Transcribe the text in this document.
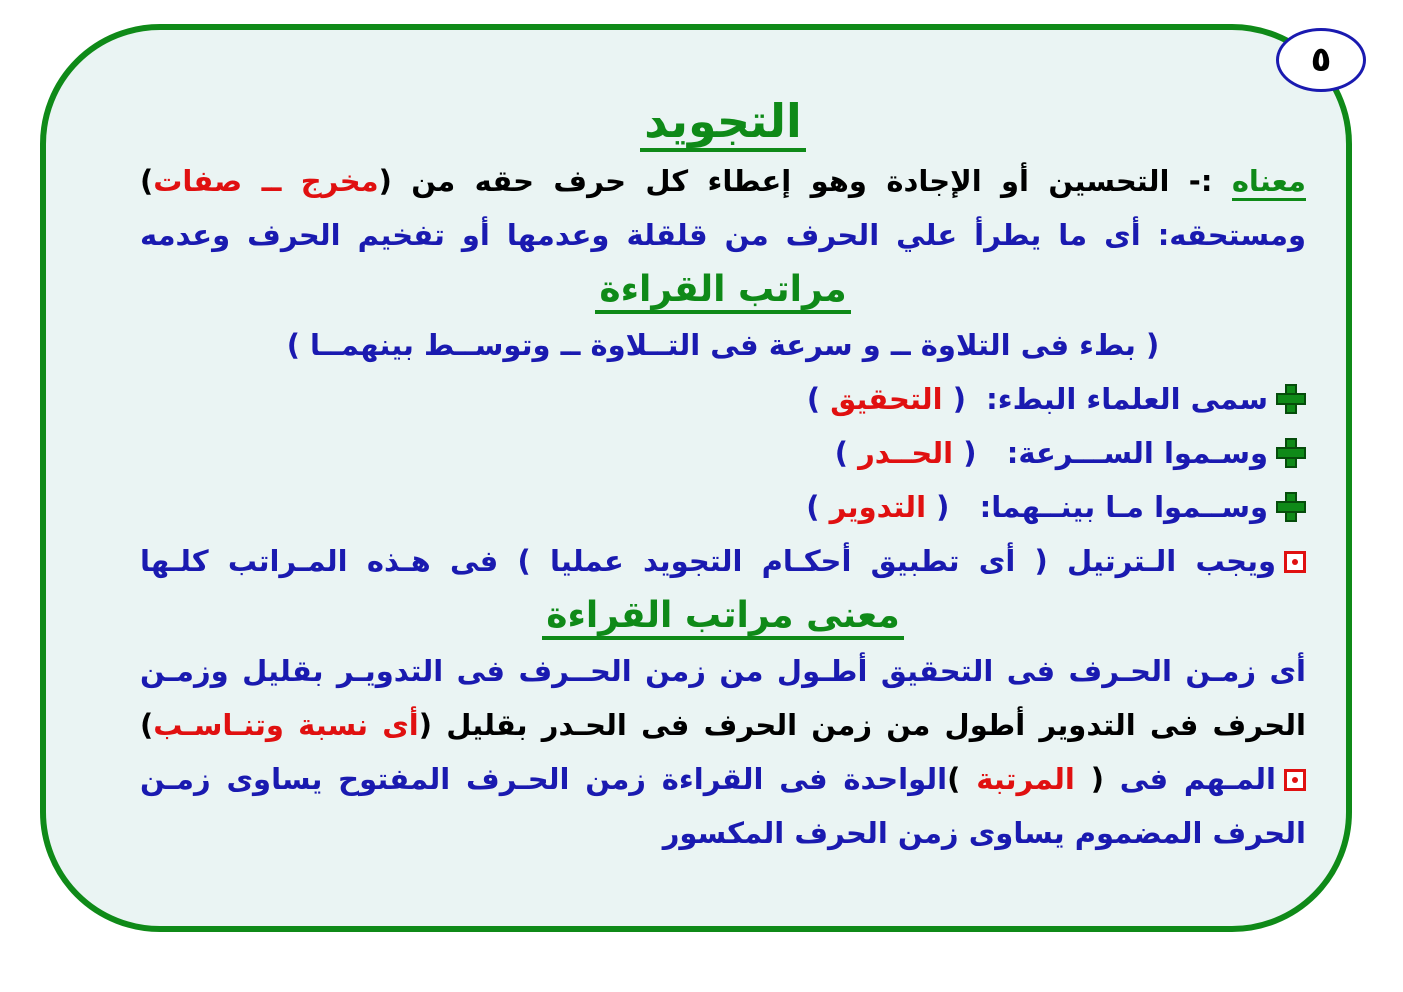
٥
التجويد
معناه :- التحسين أو الإجادة وهو إعطاء كل حرف حقه من (مخرج ــ صفات)
ومستحقه: أى ما يطرأ علي الحرف من قلقلة وعدمها أو تفخيم الحرف وعدمه
مراتب القراءة
( بطء فى التلاوة ــ و سرعة فى التــلاوة ــ وتوســط بينهمــا )
سمى العلماء البطء:  ( التحقيق )
وسـموا الســـرعة:   ( الحــدر )
وســموا مـا بينــهما:   ( التدوير )
ويجب الـترتيل ( أى تطبيق أحكـام التجويد عمليا ) فى هـذه المـراتب كلـها
معنى مراتب القراءة
أى زمـن الحـرف فى التحقيق أطـول من زمن الحــرف فى التدويـر بقليل وزمـن
الحرف فى التدوير أطول من زمن الحرف فى الحـدر بقليل (أى نسبة وتنـاسـب)
المـهم فى ( المرتبة )الواحدة فى القراءة زمن الحـرف المفتوح يساوى زمـن
الحرف المضموم يساوى زمن الحرف المكسور
